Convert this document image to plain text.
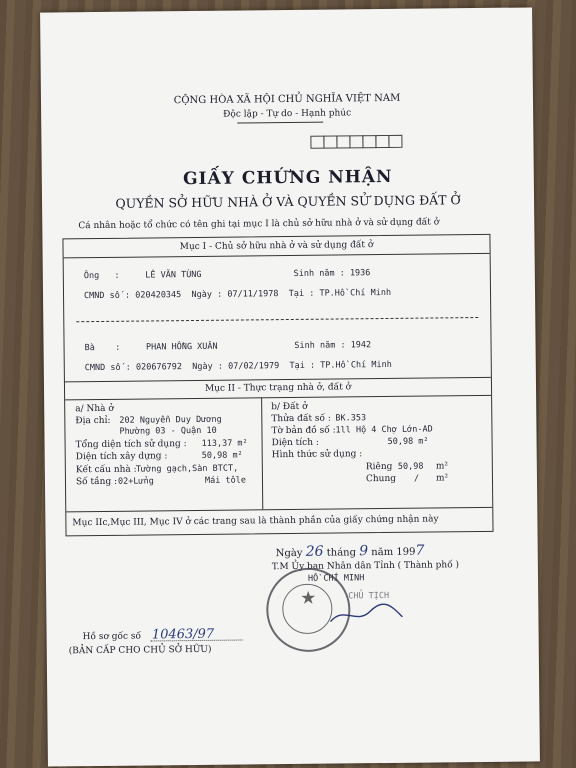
CỘNG HÒA XÃ HỘI CHỦ NGHĨA VIỆT NAM
Độc lập - Tự do - Hạnh phúc
GIẤY CHỨNG NHẬN
QUYỀN SỞ HỮU NHÀ Ở VÀ QUYỀN SỬ DỤNG ĐẤT Ở
Cá nhân hoặc tổ chức có tên ghi tại mục I là chủ sở hữu nhà ở và sử dụng đất ở
Mục I - Chủ sở hữu nhà ở và sử dụng đất ở
Ông   :     LÊ VĂN TÙNG                  Sinh năm : 1936
CMND số : 020420345  Ngày : 07/11/1978  Tại : TP.Hồ Chí Minh
Bà    :     PHAN HỒNG XUÂN               Sinh năm : 1942
CMND số : 020676792  Ngày : 07/02/1979  Tại : TP.Hồ Chí Minh
Mục II - Thực trạng nhà ở, đất ở
a/ Nhà ở
Địa chỉ: 202 Nguyễn Duy Dương
Phường 03 - Quận 10
Tổng diện tích sử dụng : 113,37 m²
Diện tích xây dựng :	50,98 m²
Kết cấu nhà : Tường gạch,Sàn BTCT,
Số tầng : 02+Lửng          Mái tôle
b/ Đất ở
Thửa đất số : BK.353
Tờ bản đồ số : 1ll Hộ 4 Chợ Lớn-AD
Diện tích :	50,98 m²
Hình thức sử dụng :
Riêng 50,98 m²
Chung / m²
Mục IIc,Mục III, Mục IV ở các trang sau là thành phần của giấy chứng nhận này
Ngày 26 tháng 9 năm 1997
T.M Ủy ban Nhân dân Tỉnh ( Thành phố )
HỒ CHÍ MINH
CHỦ TỊCH
★
Hồ sơ gốc số 10463/97
(BẢN CẤP CHO CHỦ SỞ HỮU)
